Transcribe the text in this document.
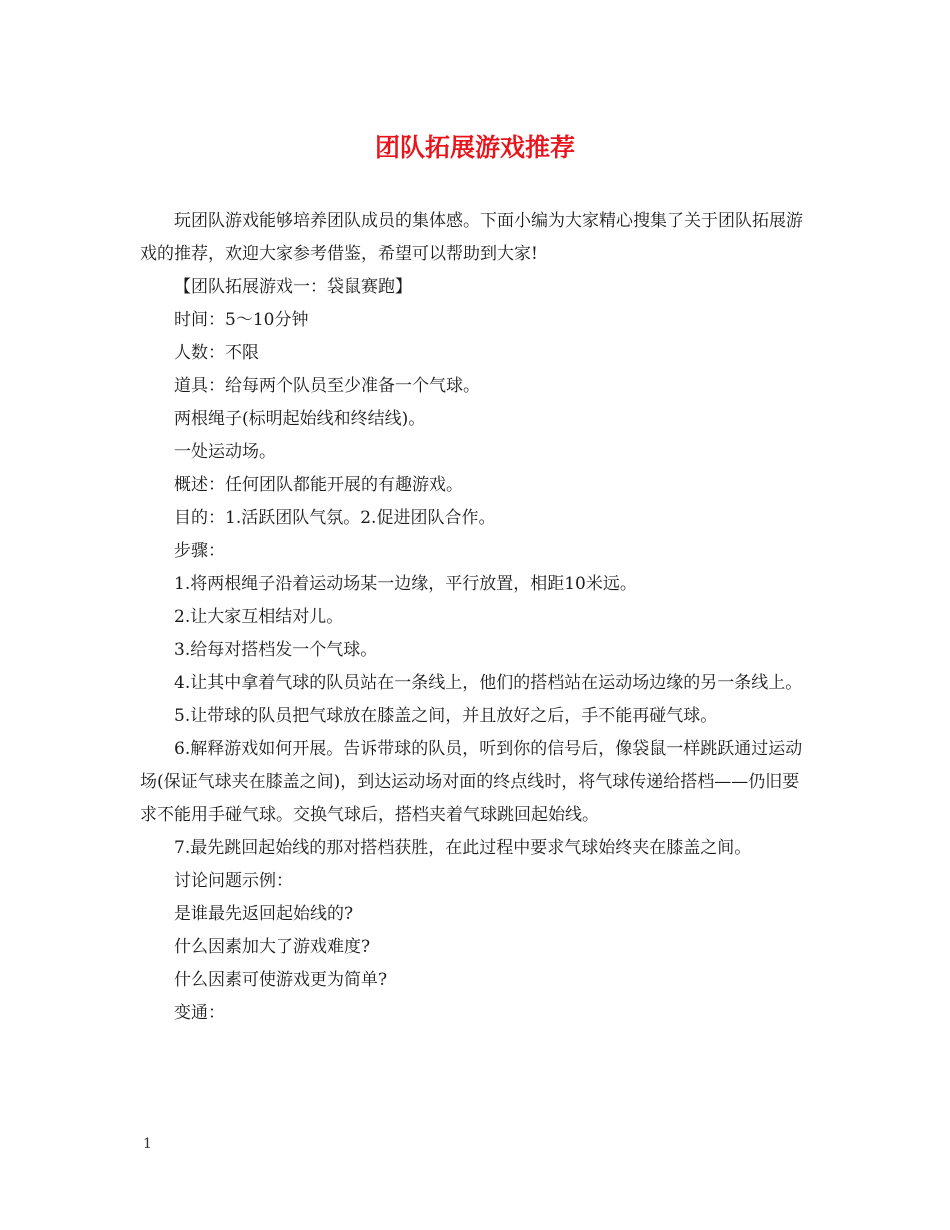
团队拓展游戏推荐

玩团队游戏能够培养团队成员的集体感。下面小编为大家精心搜集了关于团队拓展游戏的推荐，欢迎大家参考借鉴，希望可以帮助到大家!

【团队拓展游戏一：袋鼠赛跑】

时间：5～10分钟

人数：不限

道具：给每两个队员至少准备一个气球。

两根绳子(标明起始线和终结线)。

一处运动场。

概述：任何团队都能开展的有趣游戏。

目的：1.活跃团队气氛。2.促进团队合作。

步骤：

1.将两根绳子沿着运动场某一边缘，平行放置，相距10米远。

2.让大家互相结对儿。

3.给每对搭档发一个气球。

4.让其中拿着气球的队员站在一条线上，他们的搭档站在运动场边缘的另一条线上。

5.让带球的队员把气球放在膝盖之间，并且放好之后，手不能再碰气球。

6.解释游戏如何开展。告诉带球的队员，听到你的信号后，像袋鼠一样跳跃通过运动场(保证气球夹在膝盖之间)，到达运动场对面的终点线时，将气球传递给搭档——仍旧要求不能用手碰气球。交换气球后，搭档夹着气球跳回起始线。

7.最先跳回起始线的那对搭档获胜，在此过程中要求气球始终夹在膝盖之间。

讨论问题示例：

是谁最先返回起始线的?

什么因素加大了游戏难度?

什么因素可使游戏更为简单?

变通：

1
